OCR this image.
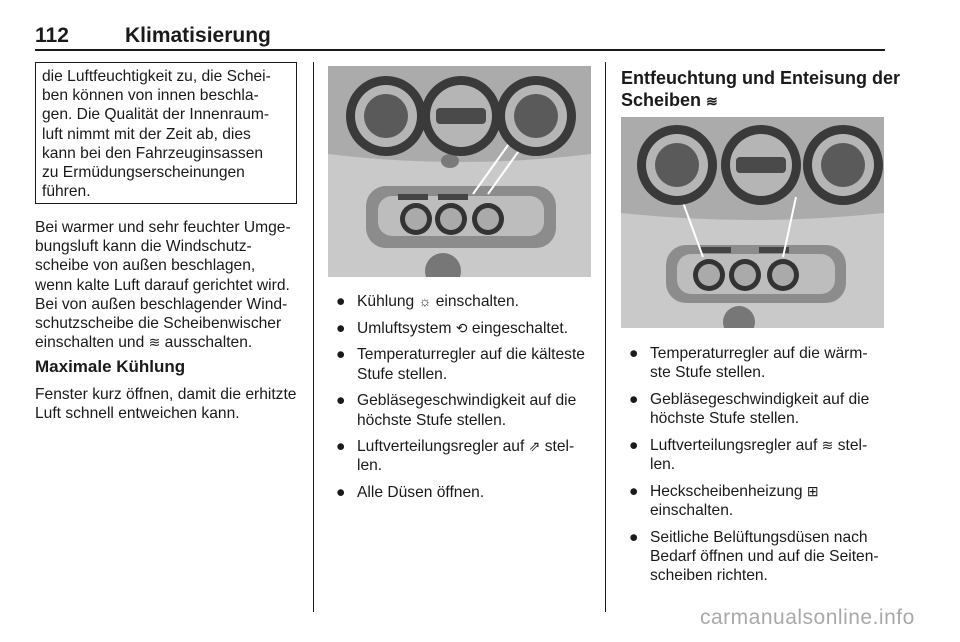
112	Klimatisierung
die Luftfeuchtigkeit zu, die Schei-
ben können von innen beschla-
gen. Die Qualität der Innenraum-
luft nimmt mit der Zeit ab, dies
kann bei den Fahrzeuginsassen
zu Ermüdungserscheinungen
führen.
Bei warmer und sehr feuchter Umge-
bungsluft kann die Windschutz-
scheibe von außen beschlagen,
wenn kalte Luft darauf gerichtet wird.
Bei von außen beschlagender Wind-
schutzscheibe die Scheibenwischer
einschalten und ≋ ausschalten.
Maximale Kühlung
Fenster kurz öffnen, damit die erhitzte
Luft schnell entweichen kann.
● Kühlung ☼ einschalten.
● Umluftsystem ⟲ eingeschaltet.
● Temperaturregler auf die kälteste
Stufe stellen.
● Gebläsegeschwindigkeit auf die
höchste Stufe stellen.
● Luftverteilungsregler auf ⇗ stel-
len.
● Alle Düsen öffnen.
Entfeuchtung und Enteisung der
Scheiben ≋
● Temperaturregler auf die wärm-
ste Stufe stellen.
● Gebläsegeschwindigkeit auf die
höchste Stufe stellen.
● Luftverteilungsregler auf ≋ stel-
len.
● Heckscheibenheizung ⊞
einschalten.
● Seitliche Belüftungsdüsen nach
Bedarf öffnen und auf die Seiten-
scheiben richten.
carmanualsonline.info
